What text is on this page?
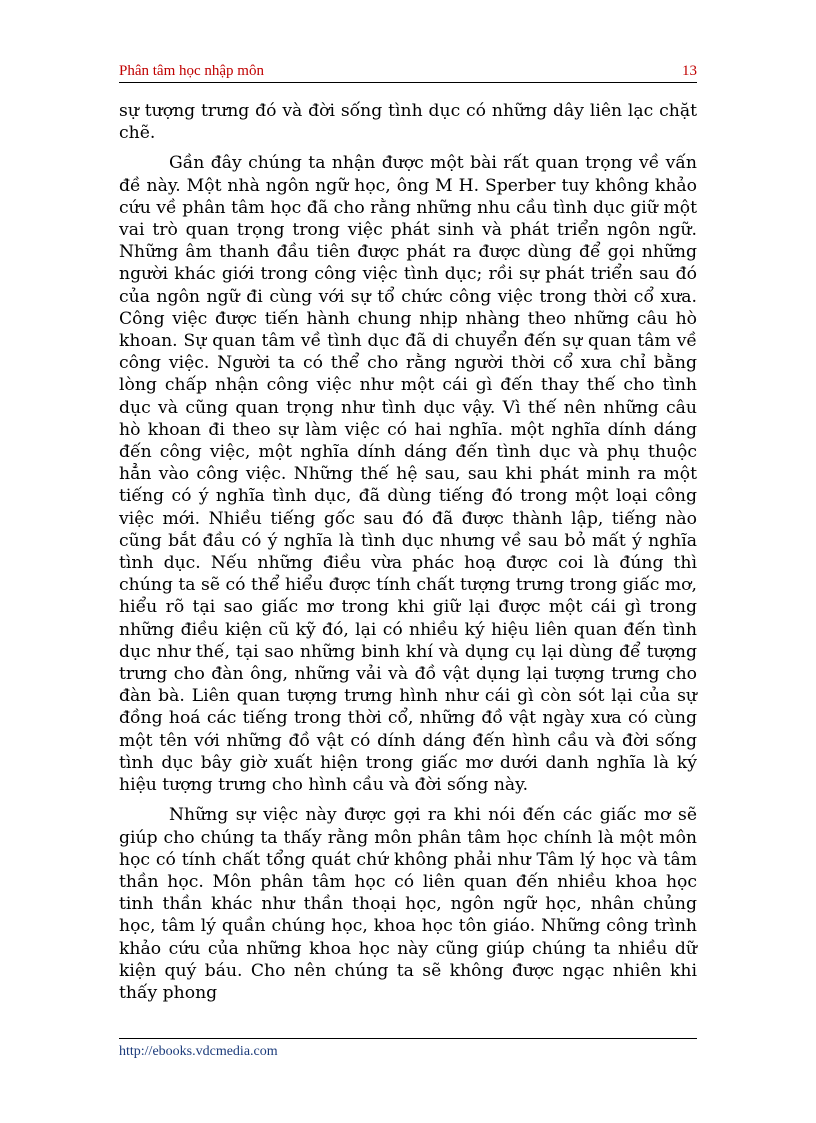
Phân tâm học nhập môn	13

sự tượng trưng đó và đời sống tình dục có những dây liên lạc chặt chẽ.

Gần đây chúng ta nhận được một bài rất quan trọng về vấn đề này. Một nhà ngôn ngữ học, ông M H. Sperber tuy không khảo cứu về phân tâm học đã cho rằng những nhu cầu tình dục giữ một vai trò quan trọng trong việc phát sinh và phát triển ngôn ngữ. Những âm thanh đầu tiên được phát ra được dùng để gọi những người khác giới trong công việc tình dục; rồi sự phát triển sau đó của ngôn ngữ đi cùng với sự tổ chức công việc trong thời cổ xưa. Công việc được tiến hành chung nhịp nhàng theo những câu hò khoan. Sự quan tâm về tình dục đã di chuyển đến sự quan tâm về công việc. Người ta có thể cho rằng người thời cổ xưa chỉ bằng lòng chấp nhận công việc như một cái gì đến thay thế cho tình dục và cũng quan trọng như tình dục vậy. Vì thế nên những câu hò khoan đi theo sự làm việc có hai nghĩa. một nghĩa dính dáng đến công việc, một nghĩa dính dáng đến tình dục và phụ thuộc hẳn vào công việc. Những thế hệ sau, sau khi phát minh ra một tiếng có ý nghĩa tình dục, đã dùng tiếng đó trong một loại công việc mới. Nhiều tiếng gốc sau đó đã được thành lập, tiếng nào cũng bắt đầu có ý nghĩa là tình dục nhưng về sau bỏ mất ý nghĩa tình dục. Nếu những điều vừa phác hoạ được coi là đúng thì chúng ta sẽ có thể hiểu được tính chất tượng trưng trong giấc mơ, hiểu rõ tại sao giấc mơ trong khi giữ lại được một cái gì trong những điều kiện cũ kỹ đó, lại có nhiều ký hiệu liên quan đến tình dục như thế, tại sao những binh khí và dụng cụ lại dùng để tượng trưng cho đàn ông, những vải và đồ vật dụng lại tượng trưng cho đàn bà. Liên quan tượng trưng hình như cái gì còn sót lại của sự đồng hoá các tiếng trong thời cổ, những đồ vật ngày xưa có cùng một tên với những đồ vật có dính dáng đến hình cầu và đời sống tình dục bây giờ xuất hiện trong giấc mơ dưới danh nghĩa là ký hiệu tượng trưng cho hình cầu và đời sống này.

Những sự việc này được gợi ra khi nói đến các giấc mơ sẽ giúp cho chúng ta thấy rằng môn phân tâm học chính là một môn học có tính chất tổng quát chứ không phải như Tâm lý học và tâm thần học. Môn phân tâm học có liên quan đến nhiều khoa học tinh thần khác như thần thoại học, ngôn ngữ học, nhân chủng học, tâm lý quần chúng học, khoa học tôn giáo. Những công trình khảo cứu của những khoa học này cũng giúp chúng ta nhiều dữ kiện quý báu. Cho nên chúng ta sẽ không được ngạc nhiên khi thấy phong

http://ebooks.vdcmedia.com
